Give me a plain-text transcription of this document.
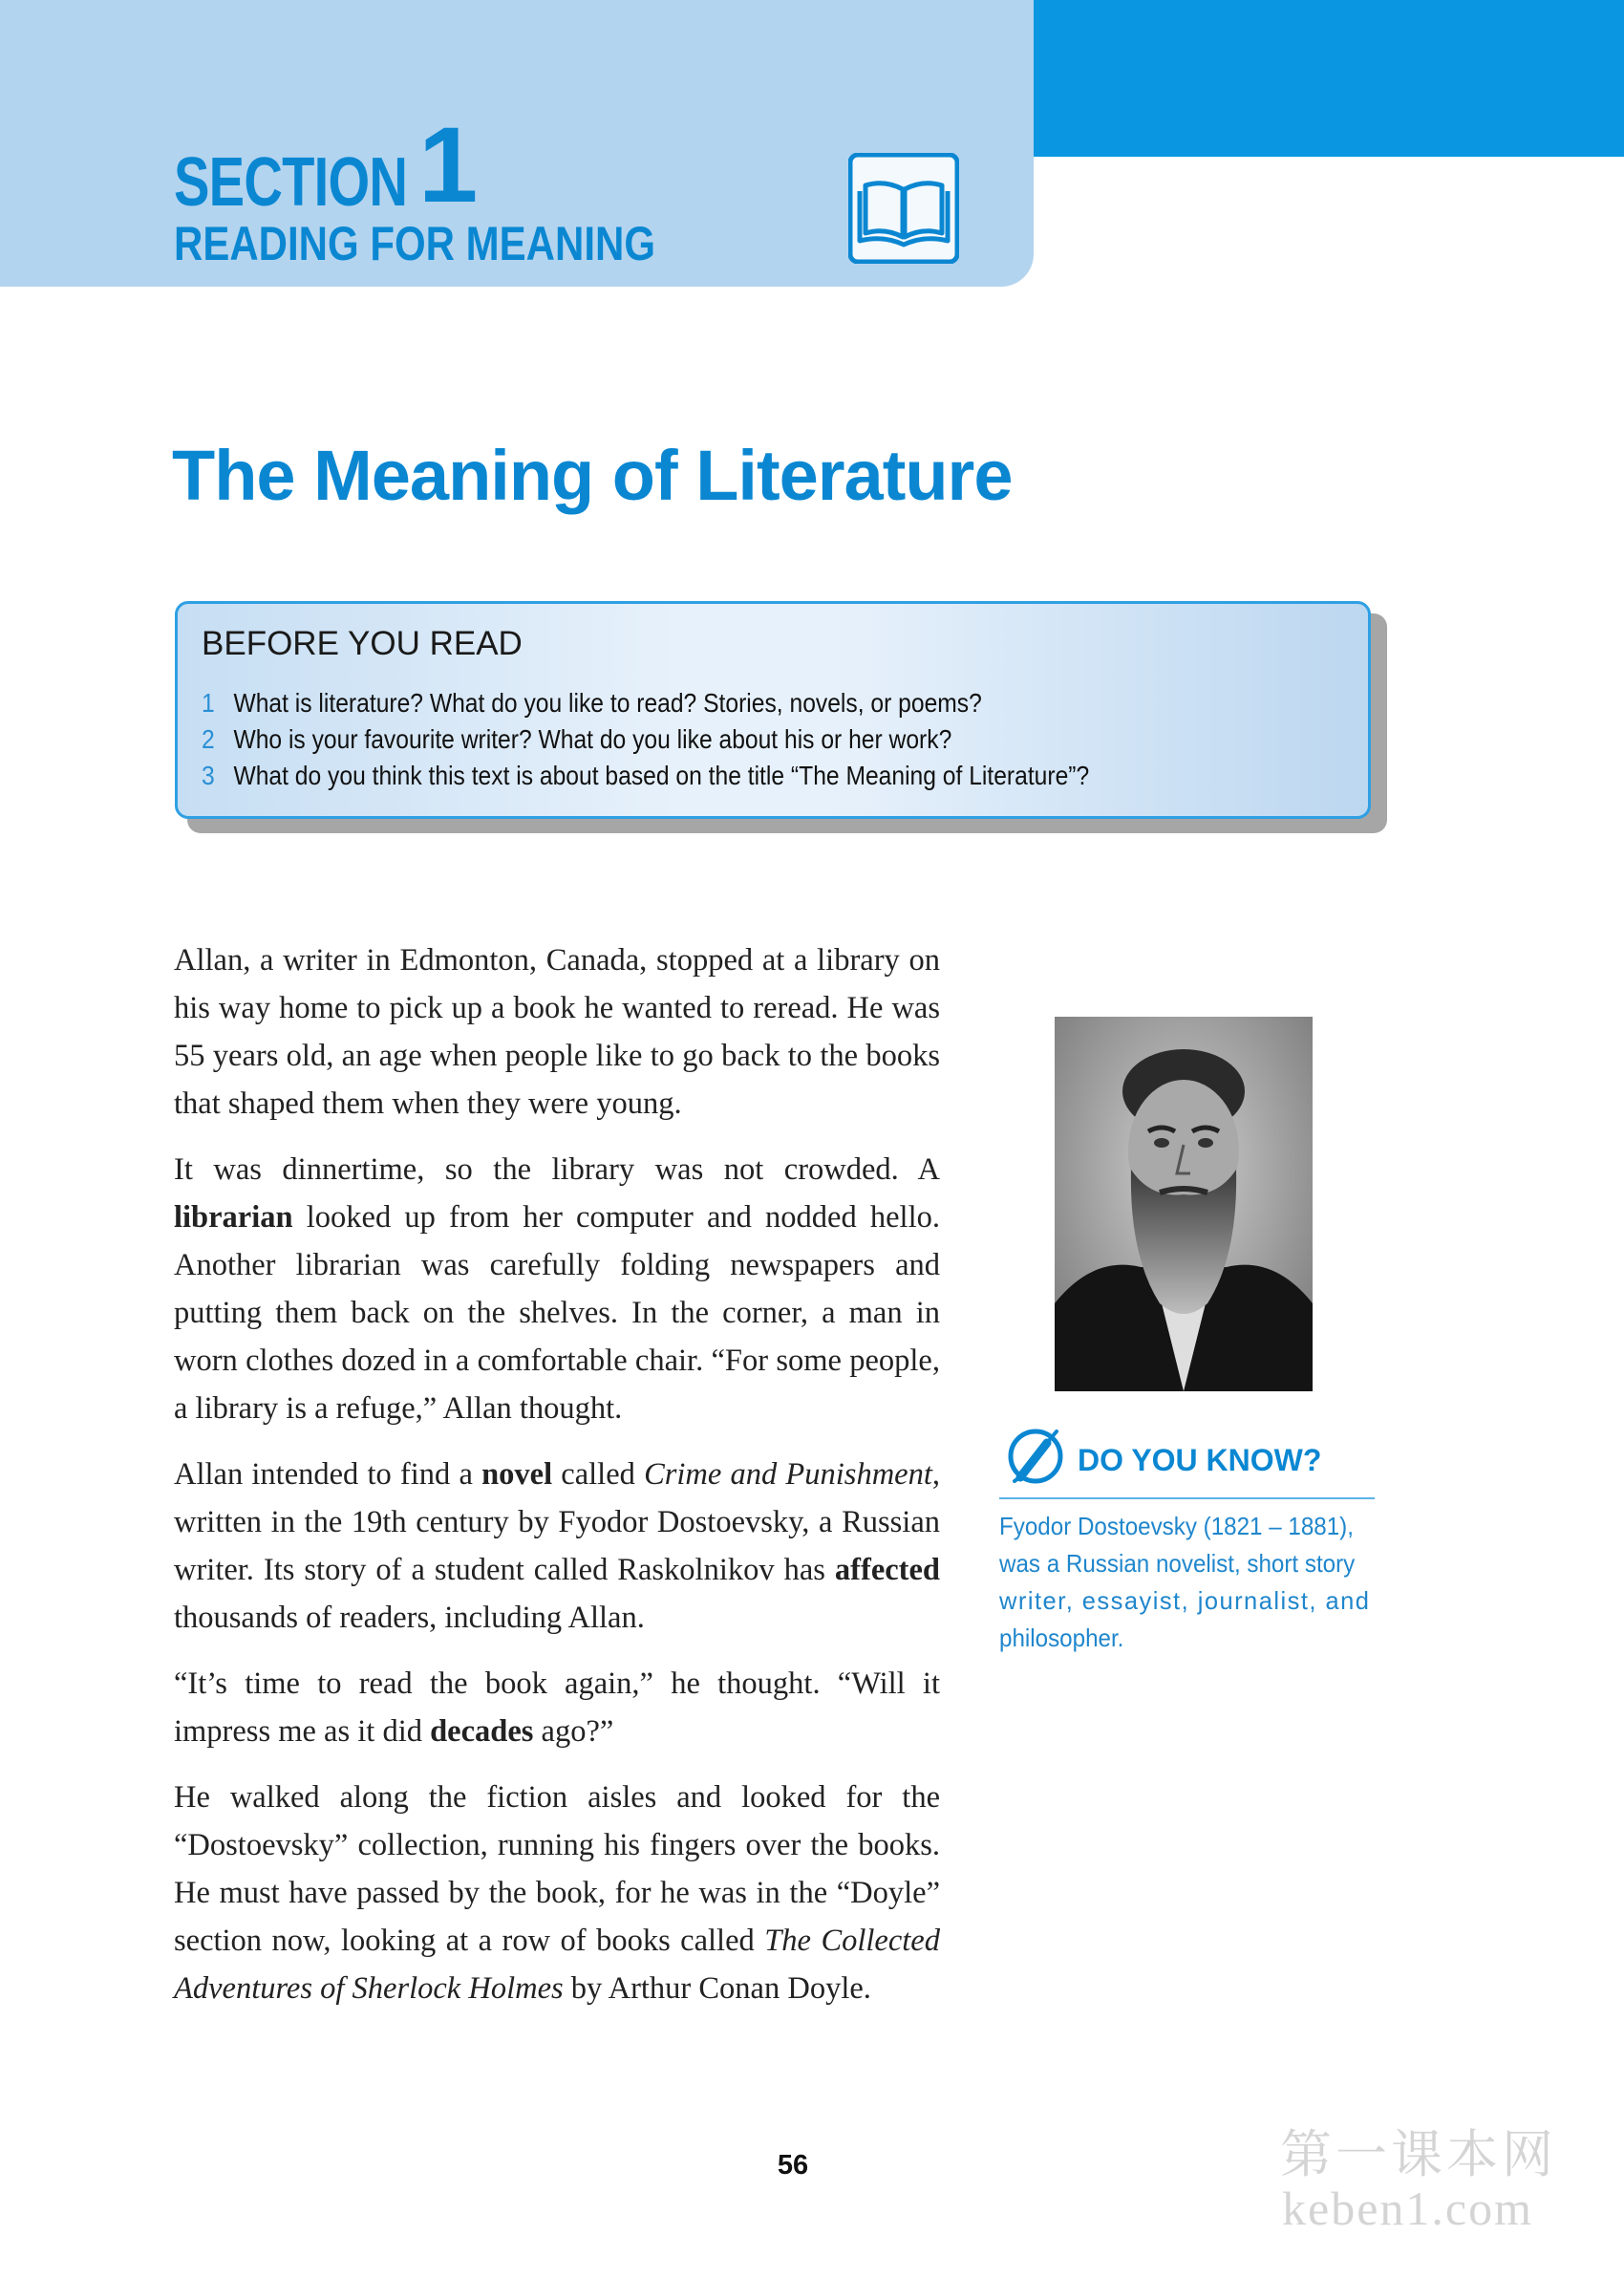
SECTION 1
READING FOR MEANING
The Meaning of Literature
BEFORE YOU READ
1 What is literature? What do you like to read? Stories, novels, or poems?
2 Who is your favourite writer? What do you like about his or her work?
3 What do you think this text is about based on the title “The Meaning of Literature”?

Allan, a writer in Edmonton, Canada, stopped at a library on his way home to pick up a book he wanted to reread. He was 55 years old, an age when people like to go back to the books that shaped them when they were young.

It was dinnertime, so the library was not crowded. A librarian looked up from her computer and nodded hello. Another librarian was carefully folding newspapers and putting them back on the shelves. In the corner, a man in worn clothes dozed in a comfortable chair. “For some people, a library is a refuge,” Allan thought.

Allan intended to find a novel called Crime and Punishment, written in the 19th century by Fyodor Dostoevsky, a Russian writer. Its story of a student called Raskolnikov has affected thousands of readers, including Allan.

“It’s time to read the book again,” he thought. “Will it impress me as it did decades ago?”

He walked along the fiction aisles and looked for the “Dostoevsky” collection, running his fingers over the books. He must have passed by the book, for he was in the “Doyle” section now, looking at a row of books called The Collected Adventures of Sherlock Holmes by Arthur Conan Doyle.

DO YOU KNOW?
Fyodor Dostoevsky (1821 – 1881),
was a Russian novelist, short story
writer, essayist, journalist, and
philosopher.
56	第一课本网
keben1.com
